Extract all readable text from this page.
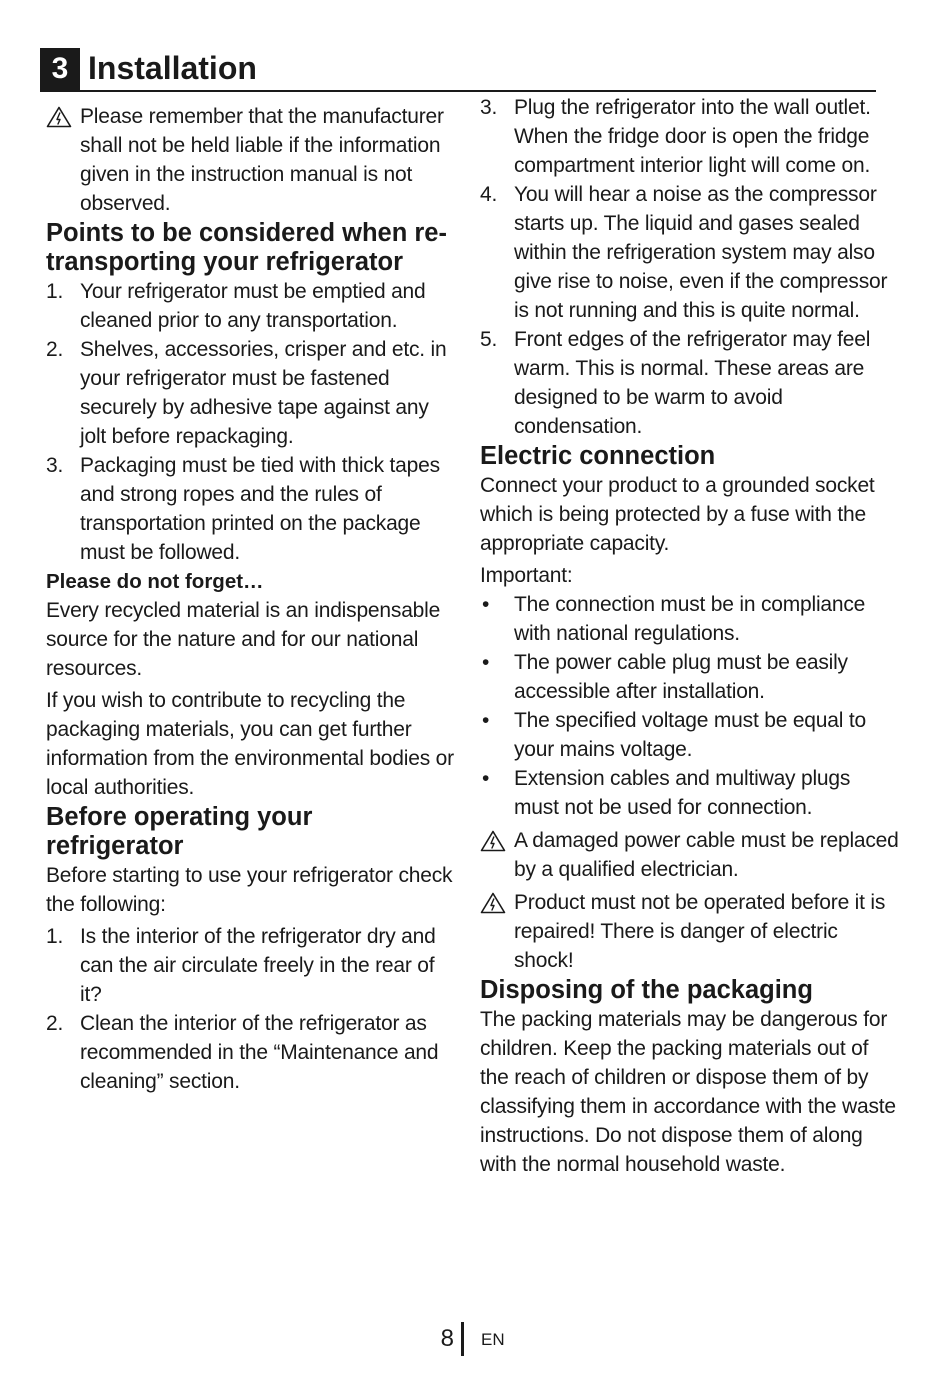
3 Installation
Please remember that the manufacturer shall not be held liable if the information given in the instruction manual is not observed.
Points to be considered when re-transporting your refrigerator
1. Your refrigerator must be emptied and cleaned prior to any transportation.
2. Shelves, accessories, crisper and etc. in your refrigerator must be fastened securely by adhesive tape against any jolt before repackaging.
3. Packaging must be tied with thick tapes and strong ropes and the rules of transportation printed on the package must be followed.
Please do not forget…

Every recycled material is an indispensable source for the nature and for our national resources.

If you wish to contribute to recycling the packaging materials, you can get further information from the environmental bodies or local authorities.

Before operating your refrigerator

Before starting to use your refrigerator check the following:

1. Is the interior of the refrigerator dry and can the air circulate freely in the rear of it?
2. Clean the interior of the refrigerator as recommended in the “Maintenance and cleaning” section.
3. Plug the refrigerator into the wall outlet. When the fridge door is open the fridge compartment interior light will come on.
4. You will hear a noise as the compressor starts up. The liquid and gases sealed within the refrigeration system may also give rise to noise, even if the compressor is not running and this is quite normal.
5. Front edges of the refrigerator may feel warm. This is normal. These areas are designed to be warm to avoid condensation.
Electric connection

Connect your product to a grounded socket which is being protected by a fuse with the appropriate capacity.

Important:

• The connection must be in compliance with national regulations.
• The power cable plug must be easily accessible after installation.
• The specified voltage must be equal to your mains voltage.
• Extension cables and multiway plugs must not be used for connection.
A damaged power cable must be replaced by a qualified electrician.
Product must not be operated before it is repaired! There is danger of electric shock!
Disposing of the packaging

The packing materials may be dangerous for children. Keep the packing materials out of the reach of children or dispose them of by classifying them in accordance with the waste instructions. Do not dispose them of along with the normal household waste.

8 EN
